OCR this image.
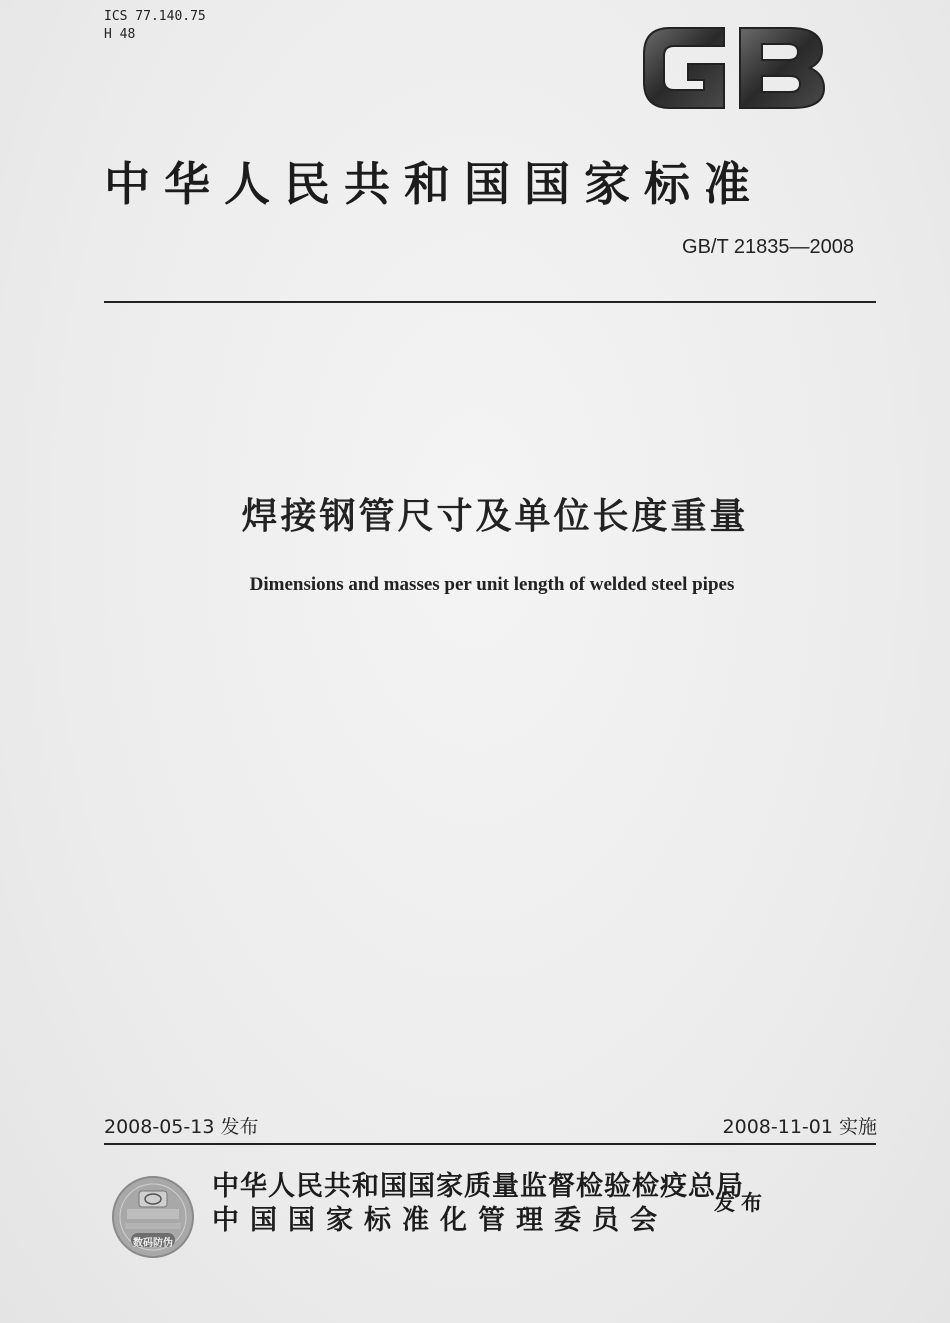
ICS 77.140.75
H 48
中华人民共和国国家标准
GB/T 21835—2008
焊接钢管尺寸及单位长度重量
Dimensions and masses per unit length of welded steel pipes
2008-05-13 发布	2008-11-01 实施
数码防伪
中华人民共和国国家质量监督检验检疫总局
中国国家标准化管理委员会
发布
